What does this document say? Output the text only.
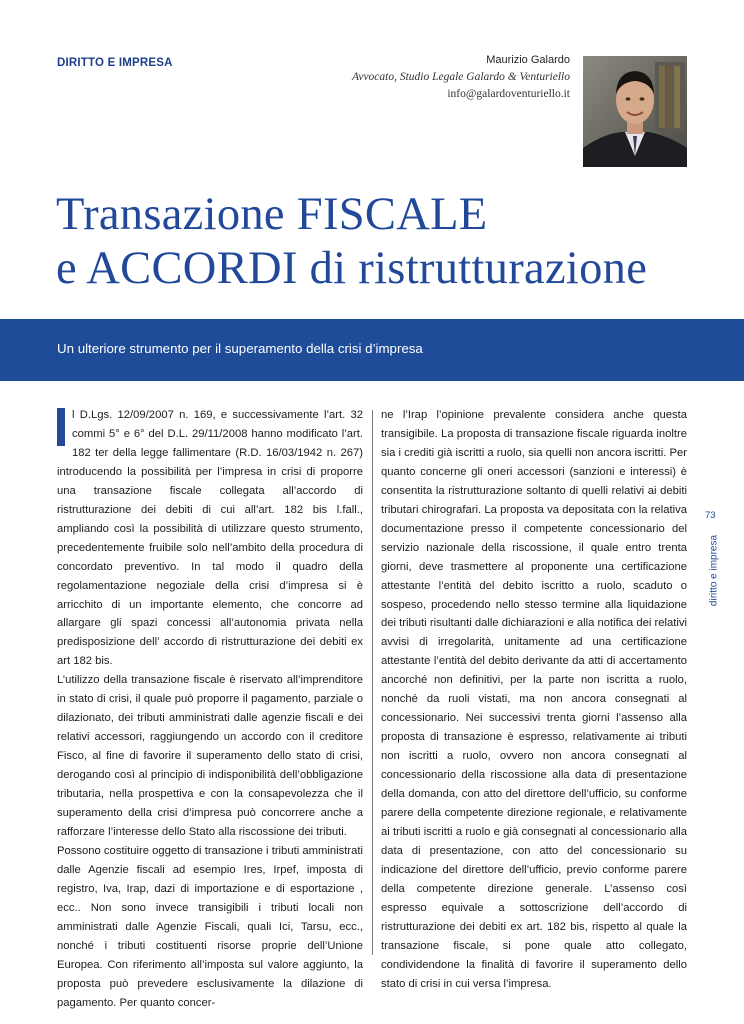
DIRITTO E IMPRESA	Maurizio Galardo
Avvocato, Studio Legale Galardo & Venturiello
info@galardoventuriello.it
Transazione FISCALE
e ACCORDI di ristrutturazione
Un ulteriore strumento per il superamento della crisi d’impresa

l D.Lgs. 12/09/2007 n. 169, e successivamente l’art. 32 commi 5° e 6° del D.L. 29/11/2008 hanno modificato l’art. 182 ter della legge fallimentare (R.D. 16/03/1942 n. 267) introducendo la possibilità per l’impresa in crisi di proporre una transazione fiscale collegata all’accordo di ristrutturazione dei debiti di cui all’art. 182 bis l.fall., ampliando così la possibilità di utilizzare questo strumento, precedentemente fruibile solo nell’ambito della procedura di concordato preventivo. In tal modo il quadro della regolamentazione negoziale della crisi d’impresa si è arricchito di un importante elemento, che concorre ad allargare gli spazi concessi all’autonomia privata nella predisposizione dell’ accordo di ristrutturazione dei debiti ex art 182 bis.

L’utilizzo della transazione fiscale è riservato all’imprenditore in stato di crisi, il quale può proporre il pagamento, parziale o dilazionato, dei tributi amministrati dalle agenzie fiscali e dei relativi accessori, raggiungendo un accordo con il creditore Fisco, al fine di favorire il superamento dello stato di crisi, derogando così al principio di indisponibilità dell’obbligazione tributaria, nella prospettiva e con la consapevolezza che il superamento della crisi d’impresa può concorrere anche a rafforzare l’interesse dello Stato alla riscossione dei tributi.

Possono costituire oggetto di transazione i tributi amministrati dalle Agenzie fiscali ad esempio Ires, Irpef, imposta di registro, Iva, Irap, dazi di importazione e di esportazione , ecc.. Non sono invece transigibili i tributi locali non amministrati dalle Agenzie Fiscali, quali Ici, Tarsu, ecc., nonché i tributi costituenti risorse proprie dell’Unione Europea. Con riferimento all’imposta sul valore aggiunto, la proposta può prevedere esclusivamente la dilazione di pagamento. Per quanto concer-

ne l’Irap l’opinione prevalente considera anche questa transigibile. La proposta di transazione fiscale riguarda inoltre sia i crediti già iscritti a ruolo, sia quelli non ancora iscritti. Per quanto concerne gli oneri accessori (sanzioni e interessi) è consentita la ristrutturazione soltanto di quelli relativi ai debiti tributari chirografari. La proposta va depositata con la relativa documentazione presso il competente concessionario del servizio nazionale della riscossione, il quale entro trenta giorni, deve trasmettere al proponente una certificazione attestante l’entità del debito iscritto a ruolo, scaduto o sospeso, procedendo nello stesso termine alla liquidazione dei tributi risultanti dalle dichiarazioni e alla notifica dei relativi avvisi di irregolarità, unitamente ad una certificazione attestante l’entità del debito derivante da atti di accertamento ancorché non definitivi, per la parte non iscritta a ruolo, nonché da ruoli vistati, ma non ancora consegnati al concessionario. Nei successivi trenta giorni l’assenso alla proposta di transazione è espresso, relativamente ai tributi non iscritti a ruolo, ovvero non ancora consegnati al concessionario della riscossione alla data di presentazione della domanda, con atto del direttore dell’ufficio, su conforme parere della competente direzione regionale, e relativamente ai tributi iscritti a ruolo e già consegnati al concessionario alla data di presentazione, con atto del concessionario su indicazione del direttore dell’ufficio, previo conforme parere della competente direzione generale. L’assenso così espresso equivale a sottoscrizione dell’accordo di ristrutturazione dei debiti ex art. 182 bis, rispetto al quale la transazione fiscale, si pone quale atto collegato, condividendone la finalità di favorire il superamento dello stato di crisi in cui versa l’impresa.

73
diritto e impresa
